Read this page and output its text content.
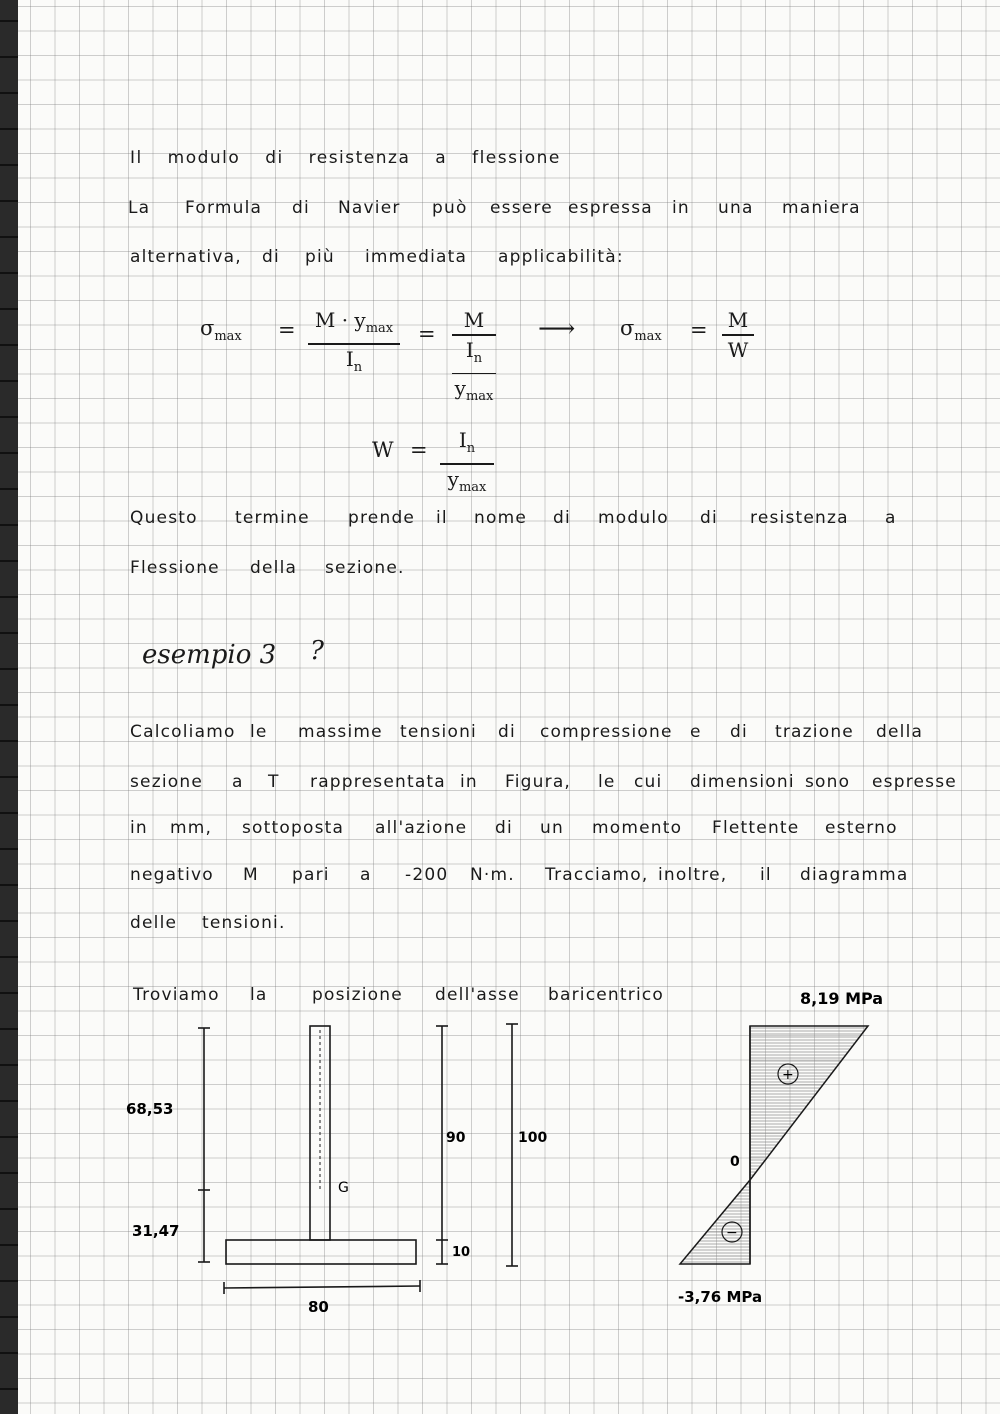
Il modulo di resistenza a flessione
La Formula di Navier può essere espressa in una maniera
alternativa, di più immediata applicabilità:
$\sigma_{max} = M \cdot y_{max}$
$I_n$
=
M
$I_n$
$y_{max}$
⟶ $\sigma_{max} = M$
W
$W = I_n$
$y_{max}$
Questo termine prende il nome di modulo di resistenza a
Flessione della sezione.
esempio 3 ?
Calcoliamo le massime tensioni di compressione e di trazione della
sezione a T rappresentata in Figura, le cui dimensioni sono espresse
in mm, sottoposta all'azione di un momento Flettente esterno
negativo M pari a -200 N·m. Tracciamo, inoltre, il diagramma
delle tensioni.
Troviamo la	posizione dell'asse baricentrico
68,53
31,47
90
10
100
80
G
8,19 MPa
+
−
0
-3,76 MPa
